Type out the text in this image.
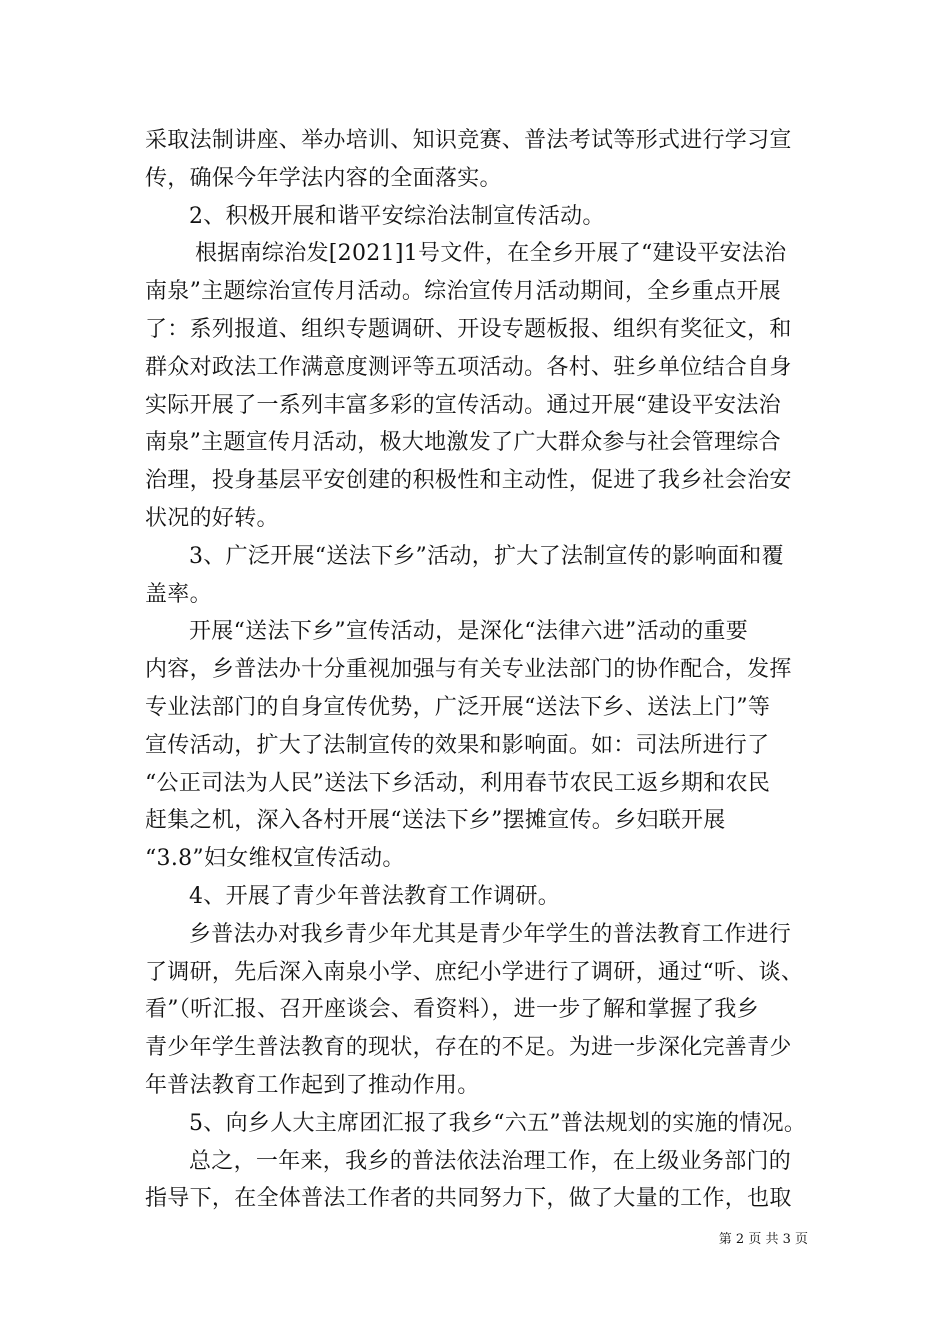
采取法制讲座、举办培训、知识竞赛、普法考试等形式进行学习宣
传，确保今年学法内容的全面落实。
2、积极开展和谐平安综治法制宣传活动。
根据南综治发[2021]1号文件，在全乡开展了“建设平安法治
南泉”主题综治宣传月活动。综治宣传月活动期间，全乡重点开展
了：系列报道、组织专题调研、开设专题板报、组织有奖征文，和
群众对政法工作满意度测评等五项活动。各村、驻乡单位结合自身
实际开展了一系列丰富多彩的宣传活动。通过开展“建设平安法治
南泉”主题宣传月活动，极大地激发了广大群众参与社会管理综合
治理，投身基层平安创建的积极性和主动性，促进了我乡社会治安
状况的好转。
3、广泛开展“送法下乡”活动，扩大了法制宣传的影响面和覆
盖率。
开展“送法下乡”宣传活动，是深化“法律六进”活动的重要
内容，乡普法办十分重视加强与有关专业法部门的协作配合，发挥
专业法部门的自身宣传优势，广泛开展“送法下乡、送法上门”等
宣传活动，扩大了法制宣传的效果和影响面。如：司法所进行了
“公正司法为人民”送法下乡活动，利用春节农民工返乡期和农民
赶集之机，深入各村开展“送法下乡”摆摊宣传。乡妇联开展
“3.8”妇女维权宣传活动。
4、开展了青少年普法教育工作调研。
乡普法办对我乡青少年尤其是青少年学生的普法教育工作进行
了调研，先后深入南泉小学、庶纪小学进行了调研，通过“听、谈、
看”（听汇报、召开座谈会、看资料），进一步了解和掌握了我乡
青少年学生普法教育的现状，存在的不足。为进一步深化完善青少
年普法教育工作起到了推动作用。
5、向乡人大主席团汇报了我乡“六五”普法规划的实施的情况。
总之，一年来，我乡的普法依法治理工作，在上级业务部门的
指导下，在全体普法工作者的共同努力下，做了大量的工作，也取
第 2 页 共 3 页
